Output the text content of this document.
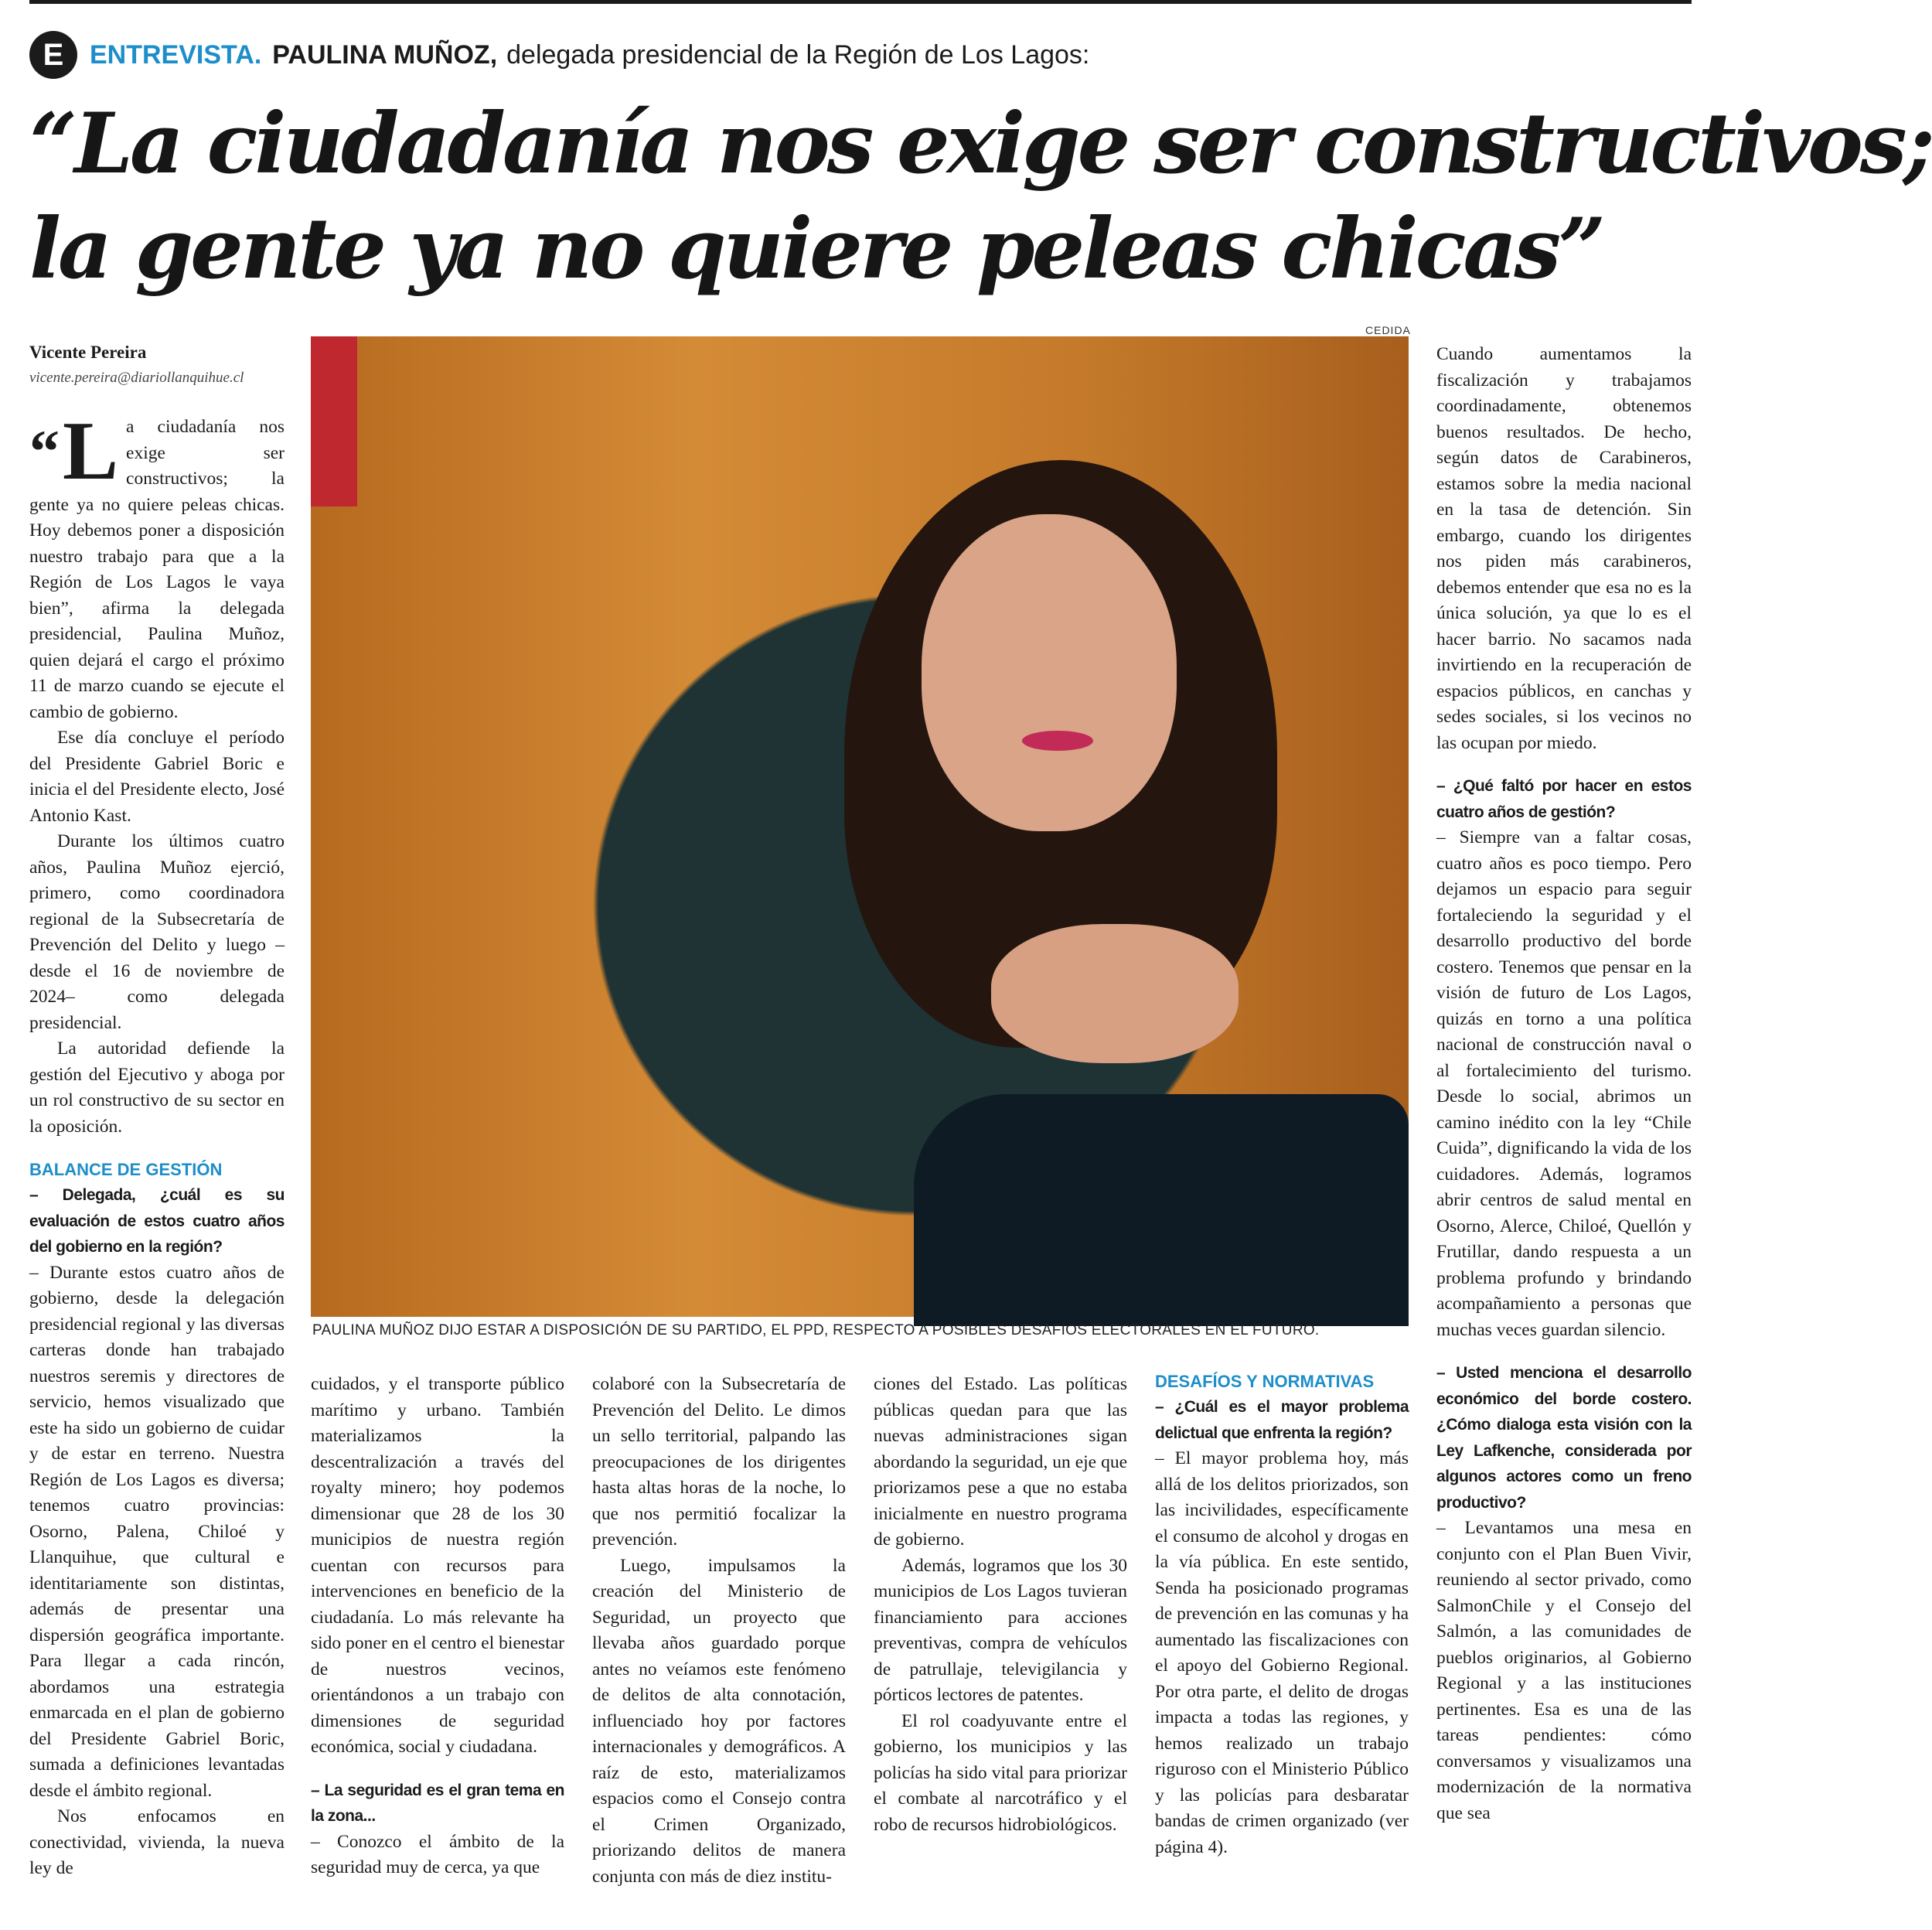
E ENTREVISTA. PAULINA MUÑOZ, delegada presidencial de la Región de Los Lagos:
“La ciudadanía nos exige ser constructivos;
la gente ya no quiere peleas chicas”
Vicente Pereira
vicente.pereira@diariollanquihue.cl
CEDIDA
PAULINA MUÑOZ DIJO ESTAR A DISPOSICIÓN DE SU PARTIDO, EL PPD, RESPECTO A POSIBLES DESAFÍOS ELECTORALES EN EL FUTURO.

“L a ciudadanía nos exige ser constructivos; la gente ya no quiere peleas chicas. Hoy debemos poner a disposición nuestro trabajo para que a la Región de Los Lagos le vaya bien”, afirma la delegada presidencial, Paulina Muñoz, quien dejará el cargo el próximo 11 de marzo cuando se ejecute el cambio de gobierno.

Ese día concluye el período del Presidente Gabriel Boric e inicia el del Presidente electo, José Antonio Kast.

Durante los últimos cuatro años, Paulina Muñoz ejerció, primero, como coordinadora regional de la Subsecretaría de Prevención del Delito y luego –desde el 16 de noviembre de 2024– como delegada presidencial.

La autoridad defiende la gestión del Ejecutivo y aboga por un rol constructivo de su sector en la oposición.

BALANCE DE GESTIÓN

– Delegada, ¿cuál es su evaluación de estos cuatro años del gobierno en la región?

– Durante estos cuatro años de gobierno, desde la delegación presidencial regional y las diversas carteras donde han trabajado nuestros seremis y directores de servicio, hemos visualizado que este ha sido un gobierno de cuidar y de estar en terreno. Nuestra Región de Los Lagos es diversa; tenemos cuatro provincias: Osorno, Palena, Chiloé y Llanquihue, que cultural e identitariamente son distintas, además de presentar una dispersión geográfica importante. Para llegar a cada rincón, abordamos una estrategia enmarcada en el plan de gobierno del Presidente Gabriel Boric, sumada a definiciones levantadas desde el ámbito regional.

Nos enfocamos en conectividad, vivienda, la nueva ley de

cuidados, y el transporte público marítimo y urbano. También materializamos la descentralización a través del royalty minero; hoy podemos dimensionar que 28 de los 30 municipios de nuestra región cuentan con recursos para intervenciones en beneficio de la ciudadanía. Lo más relevante ha sido poner en el centro el bienestar de nuestros vecinos, orientándonos a un trabajo con dimensiones de seguridad económica, social y ciudadana.

– La seguridad es el gran tema en la zona...

– Conozco el ámbito de la seguridad muy de cerca, ya que

colaboré con la Subsecretaría de Prevención del Delito. Le dimos un sello territorial, palpando las preocupaciones de los dirigentes hasta altas horas de la noche, lo que nos permitió focalizar la prevención.

Luego, impulsamos la creación del Ministerio de Seguridad, un proyecto que llevaba años guardado porque antes no veíamos este fenómeno de delitos de alta connotación, influenciado hoy por factores internacionales y demográficos. A raíz de esto, materializamos espacios como el Consejo contra el Crimen Organizado, priorizando delitos de manera conjunta con más de diez institu-

ciones del Estado. Las políticas públicas quedan para que las nuevas administraciones sigan abordando la seguridad, un eje que priorizamos pese a que no estaba inicialmente en nuestro programa de gobierno.

Además, logramos que los 30 municipios de Los Lagos tuvieran financiamiento para acciones preventivas, compra de vehículos de patrullaje, televigilancia y pórticos lectores de patentes.

El rol coadyuvante entre el gobierno, los municipios y las policías ha sido vital para priorizar el combate al narcotráfico y el robo de recursos hidrobiológicos.

DESAFÍOS Y NORMATIVAS

– ¿Cuál es el mayor problema delictual que enfrenta la región?

– El mayor problema hoy, más allá de los delitos priorizados, son las incivilidades, específicamente el consumo de alcohol y drogas en la vía pública. En este sentido, Senda ha posicionado programas de prevención en las comunas y ha aumentado las fiscalizaciones con el apoyo del Gobierno Regional. Por otra parte, el delito de drogas impacta a todas las regiones, y hemos realizado un trabajo riguroso con el Ministerio Público y las policías para desbaratar bandas de crimen organizado (ver página 4).

Cuando aumentamos la fiscalización y trabajamos coordinadamente, obtenemos buenos resultados. De hecho, según datos de Carabineros, estamos sobre la media nacional en la tasa de detención. Sin embargo, cuando los dirigentes nos piden más carabineros, debemos entender que esa no es la única solución, ya que lo es el hacer barrio. No sacamos nada invirtiendo en la recuperación de espacios públicos, en canchas y sedes sociales, si los vecinos no las ocupan por miedo.

– ¿Qué faltó por hacer en estos cuatro años de gestión?

– Siempre van a faltar cosas, cuatro años es poco tiempo. Pero dejamos un espacio para seguir fortaleciendo la seguridad y el desarrollo productivo del borde costero. Tenemos que pensar en la visión de futuro de Los Lagos, quizás en torno a una política nacional de construcción naval o al fortalecimiento del turismo. Desde lo social, abrimos un camino inédito con la ley “Chile Cuida”, dignificando la vida de los cuidadores. Además, logramos abrir centros de salud mental en Osorno, Alerce, Chiloé, Quellón y Frutillar, dando respuesta a un problema profundo y brindando acompañamiento a personas que muchas veces guardan silencio.

– Usted menciona el desarrollo económico del borde costero. ¿Cómo dialoga esta visión con la Ley Lafkenche, considerada por algunos actores como un freno productivo?

– Levantamos una mesa en conjunto con el Plan Buen Vivir, reuniendo al sector privado, como SalmonChile y el Consejo del Salmón, a las comunidades de pueblos originarios, al Gobierno Regional y a las instituciones pertinentes. Esa es una de las tareas pendientes: cómo conversamos y visualizamos una modernización de la normativa que sea
